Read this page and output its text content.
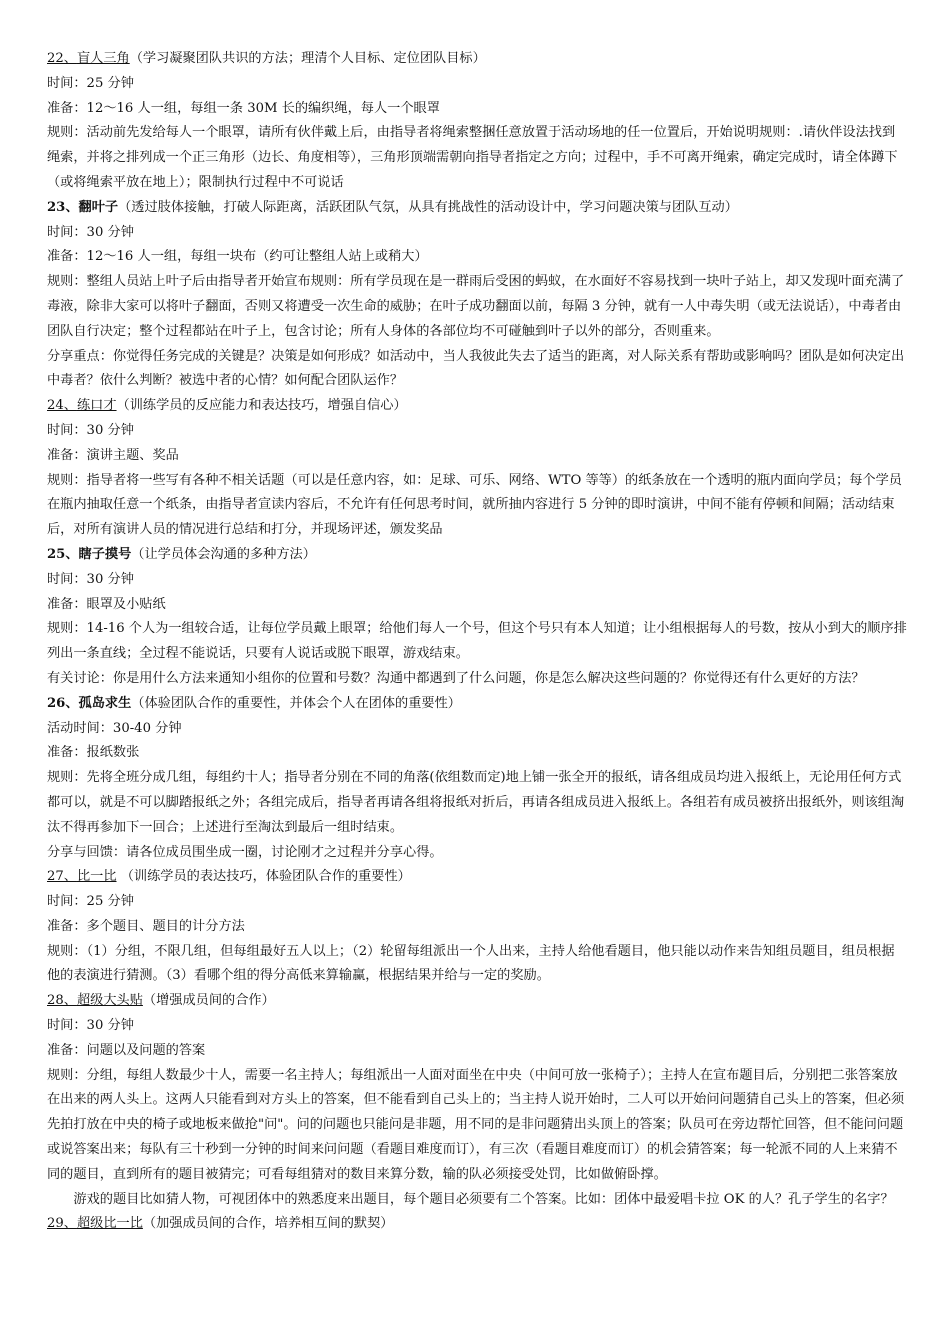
22、盲人三角（学习凝聚团队共识的方法；理清个人目标、定位团队目标）

时间：25 分钟

准备：12～16 人一组，每组一条 30M 长的编织绳，每人一个眼罩

规则：活动前先发给每人一个眼罩，请所有伙伴戴上后，由指导者将绳索整捆任意放置于活动场地的任一位置后，开始说明规则：.请伙伴设法找到绳索，并将之排列成一个正三角形（边长、角度相等），三角形顶端需朝向指导者指定之方向；过程中，手不可离开绳索，确定完成时，请全体蹲下（或将绳索平放在地上）；限制执行过程中不可说话

23、翻叶子（透过肢体接触，打破人际距离，活跃团队气氛，从具有挑战性的活动设计中，学习问题决策与团队互动）

时间：30 分钟

准备：12～16 人一组，每组一块布（约可让整组人站上或稍大）

规则：整组人员站上叶子后由指导者开始宣布规则：所有学员现在是一群雨后受困的蚂蚁，在水面好不容易找到一块叶子站上，却又发现叶面充满了毒液，除非大家可以将叶子翻面，否则又将遭受一次生命的威胁；在叶子成功翻面以前，每隔 3 分钟，就有一人中毒失明（或无法说话），中毒者由团队自行决定；整个过程都站在叶子上，包含讨论；所有人身体的各部位均不可碰触到叶子以外的部分，否则重来。

分享重点：你觉得任务完成的关键是？决策是如何形成？如活动中，当人我彼此失去了适当的距离，对人际关系有帮助或影响吗？团队是如何决定出中毒者？依什么判断？被选中者的心情？如何配合团队运作？

24、练口才（训练学员的反应能力和表达技巧，增强自信心）

时间：30 分钟

准备：演讲主题、奖品

规则：指导者将一些写有各种不相关话题（可以是任意内容，如：足球、可乐、网络、WTO 等等）的纸条放在一个透明的瓶内面向学员；每个学员在瓶内抽取任意一个纸条，由指导者宣读内容后，不允许有任何思考时间，就所抽内容进行 5 分钟的即时演讲，中间不能有停顿和间隔；活动结束后，对所有演讲人员的情况进行总结和打分，并现场评述，颁发奖品

25、瞎子摸号（让学员体会沟通的多种方法）

时间：30 分钟

准备：眼罩及小贴纸

规则：14-16 个人为一组较合适，让每位学员戴上眼罩；给他们每人一个号，但这个号只有本人知道；让小组根据每人的号数，按从小到大的顺序排列出一条直线；全过程不能说话，只要有人说话或脱下眼罩，游戏结束。

有关讨论：你是用什么方法来通知小组你的位置和号数？沟通中都遇到了什么问题，你是怎么解决这些问题的？你觉得还有什么更好的方法？

26、孤岛求生（体验团队合作的重要性，并体会个人在团体的重要性）

活动时间：30-40 分钟

准备：报纸数张

规则：先将全班分成几组，每组约十人；指导者分别在不同的角落(依组数而定)地上铺一张全开的报纸，请各组成员均进入报纸上，无论用任何方式都可以，就是不可以脚踏报纸之外；各组完成后，指导者再请各组将报纸对折后，再请各组成员进入报纸上。各组若有成员被挤出报纸外，则该组淘汰不得再参加下一回合；上述进行至淘汰到最后一组时结束。

分享与回馈：请各位成员围坐成一圈，讨论刚才之过程并分享心得。

27、比一比 （训练学员的表达技巧，体验团队合作的重要性）

时间：25 分钟

准备：多个题目、题目的计分方法

规则：（1）分组，不限几组，但每组最好五人以上；（2）轮留每组派出一个人出来，主持人给他看题目，他只能以动作来告知组员题目，组员根据他的表演进行猜测。（3）看哪个组的得分高低来算输赢，根据结果并给与一定的奖励。

28、超级大头贴（增强成员间的合作）

时间：30 分钟

准备：问题以及问题的答案

规则：分组，每组人数最少十人，需要一名主持人；每组派出一人面对面坐在中央（中间可放一张椅子）；主持人在宣布题目后，分别把二张答案放在出来的两人头上。这两人只能看到对方头上的答案，但不能看到自己头上的；当主持人说开始时，二人可以开始问问题猜自己头上的答案，但必须先拍打放在中央的椅子或地板来做抢"问"。问的问题也只能问是非题，用不同的是非问题猜出头顶上的答案；队员可在旁边帮忙回答，但不能问问题或说答案出来；每队有三十秒到一分钟的时间来问问题（看题目难度而订），有三次（看题目难度而订）的机会猜答案；每一轮派不同的人上来猜不同的题目，直到所有的题目被猜完；可看每组猜对的数目来算分数，输的队必须接受处罚，比如做俯卧撑。

游戏的题目比如猜人物，可视团体中的熟悉度来出题目，每个题目必须要有二个答案。比如：团体中最爱唱卡拉 OK 的人？孔子学生的名字？

29、超级比一比（加强成员间的合作，培养相互间的默契）
